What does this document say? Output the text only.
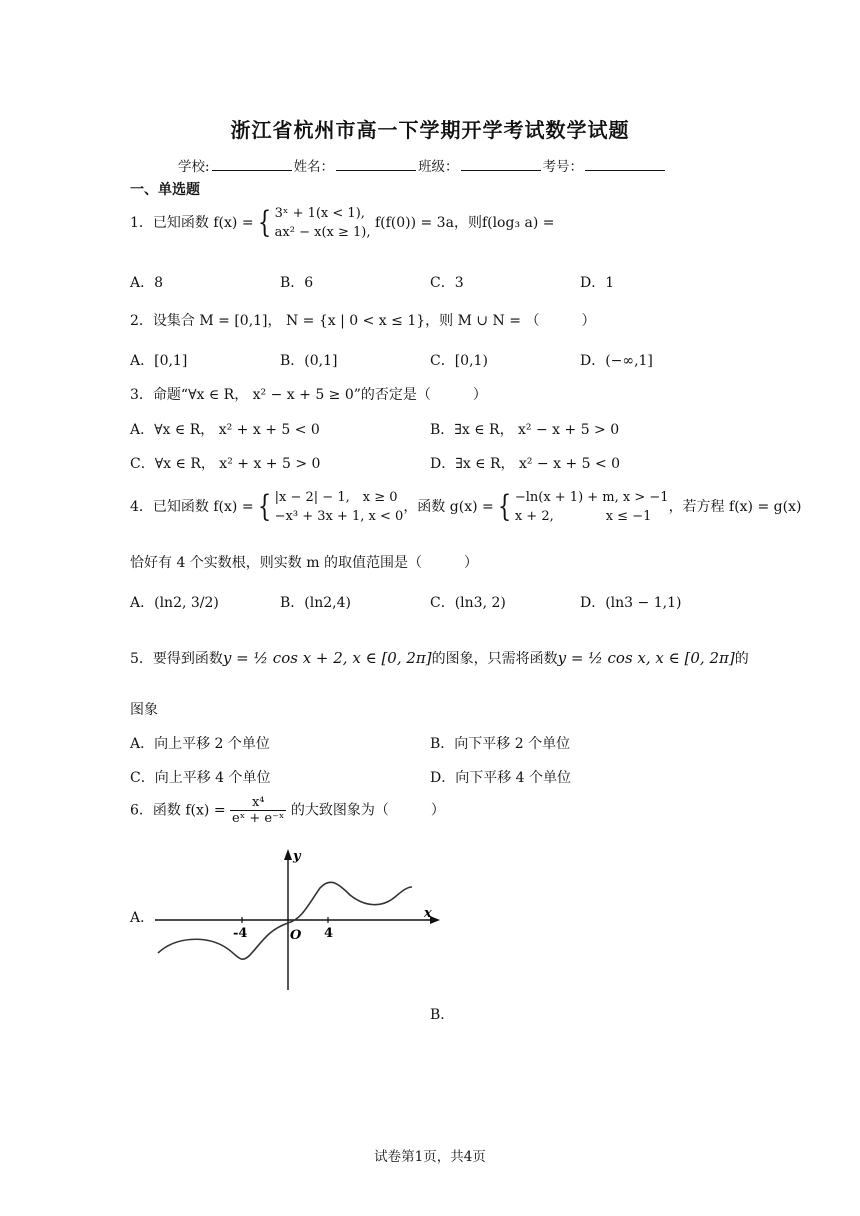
浙江省杭州市高一下学期开学考试数学试题
学校:	姓名：	班级：	考号：
一、单选题
1．已知函数 f(x) = { 3ˣ + 1(x < 1),
ax² − x(x ≥ 1),
f(f(0)) = 3a，则f(log₃ a) =
A．8	B．6	C．3	D．1
2．设集合 M = [0,1]， N = {x | 0 < x ≤ 1}，则 M ∪ N = （　　　）
A．[0,1]	B．(0,1]	C．[0,1)	D．(−∞,1]
3．命题“∀x ∈ R， x² − x + 5 ≥ 0”的否定是（　　　）
A．∀x ∈ R， x² + x + 5 < 0	B．∃x ∈ R， x² − x + 5 > 0
C．∀x ∈ R， x² + x + 5 > 0	D．∃x ∈ R， x² − x + 5 < 0
4．已知函数 f(x) = { |x − 2| − 1,　x ≥ 0
−x³ + 3x + 1, x < 0
，函数 g(x) = { −ln(x + 1) + m, x > −1
x + 2,　　　　x ≤ −1
，若方程 f(x) = g(x)
恰好有 4 个实数根，则实数 m 的取值范围是（　　　）
A．(ln2, 3/2)	B．(ln2,4)	C．(ln3, 2)	D．(ln3 − 1,1)
5．要得到函数y = ½ cos x + 2, x ∈ [0, 2π]的图象，只需将函数y = ½ cos x, x ∈ [0, 2π]的
图象
A．向上平移 2 个单位	B．向下平移 2 个单位
C．向上平移 4 个单位	D．向下平移 4 个单位
6．函数 $f(x) = \frac{\text{x⁴}}{\text{eˣ + e⁻ˣ}}$ 的大致图象为（　　　）
A．
y
x
O
-4	4
B．
试卷第1页，共4页
